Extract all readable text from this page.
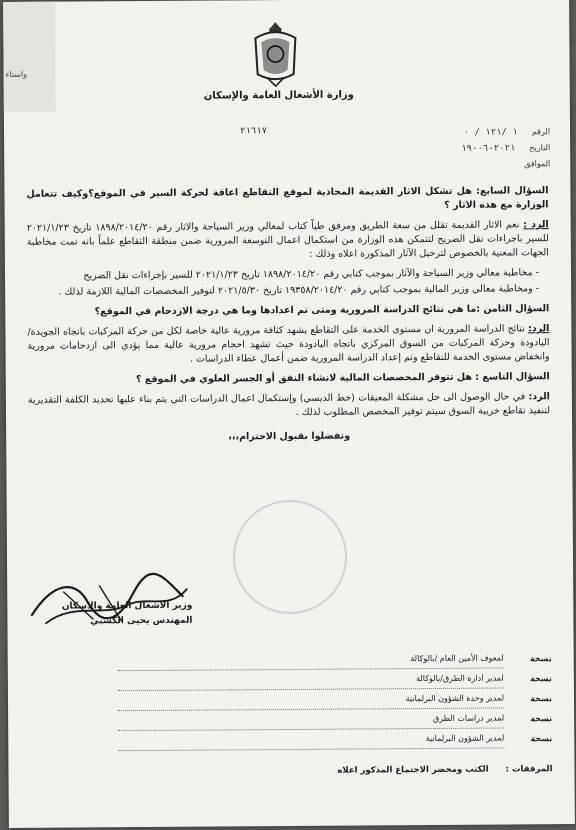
واستاء
وزارة الأشغال العامة والإسكان
٢١٦١٧	الرقم
١ /١٢١ / ٠
التاريخ
٢٠٢١-٠٦-١٩
الموافق

السؤال السابع: هل تشكل الاثار القديمة المحاذية لموقع التقاطع اعاقة لحركة السير في الموقع؟وكيف تتعامل الوزارة مع هذه الاثار ؟

الرد : نعم الاثار القديمة تقلل من سعة الطريق ومرفق طياً كتاب لمعالي وزير السياحة والاثار رقم ١٨٩٨/٢٠١٤/٢٠ تاريخ ٢٠٢١/١/٢٣ للسير باجراءات نقل الضريح لتتمكن هذه الوزارة من استكمال اعمال التوسعة المرورية ضمن منطقة التقاطع علماً بانه تمت مخاطبة الجهات المعنية بالخصوص لترحيل الآثار المذكورة اعلاه وذلك :

- مخاطبة معالي وزير السياحة والآثار بموجب كتابي رقم ١٨٩٨/٢٠١٤/٢٠ تاريخ ٢٠٢١/١/٢٣ للسير بإجراءات نقل الضريح
- ومخاطبة معالي وزير المالية بموجب كتابي رقم ١٩٣٥٨/٢٠١٤/٢٠ تاريخ ٢٠٢١/٥/٣٠ لتوفير المخصصات المالية اللازمة لذلك .

السؤال الثامن :ما هي نتائج الدراسة المرورية ومتى تم اعدادها وما هي درجة الازدحام في الموقع؟

الرد: نتائج الدراسة المرورية ان مستوى الخدمة على التقاطع يشهد كثافة مرورية عالية خاصة لكل من حركة المركبات باتجاه الجويدة/اليادودة وحركة المركبات من السوق المركزي باتجاه اليادودة حيث تشهد احجام مرورية عالية مما يؤدي الى ازدحامات مرورية وانخفاض مستوى الخدمة للتقاطع وتم إعداد الدراسة المرورية ضمن أعمال عطاء الدراسات .

السؤال التاسع : هل تتوفر المخصصات المالية لانشاء النفق أو الجسر العلوي في الموقع ؟

الرد: في حال الوصول الى حل مشكلة المعيقات (خط الديسي) وإستكمال اعمال الدراسات التي يتم بناء عليها تحديد الكلفة التقديرية لتنفيذ تقاطع خريبة السوق سيتم توفير المخصص المطلوب لذلك .

وتفضلوا بقبول الاحترام،،،

وزير الاشغال العامة والاسكان
المهندس يحيى الكسبي
نسخة
لمعوف الأمين العام /بالوكالة
نسخة
لمدير ادارة الطرق/بالوكالة
نسخة
لمدير وحدة الشؤون البرلمانية
نسخة
لمدير دراسات الطرق
نسخة
لمدير الشؤون البرلمانية
المرفقات : الكتب ومحضر الاجتماع المذكور اعلاه
